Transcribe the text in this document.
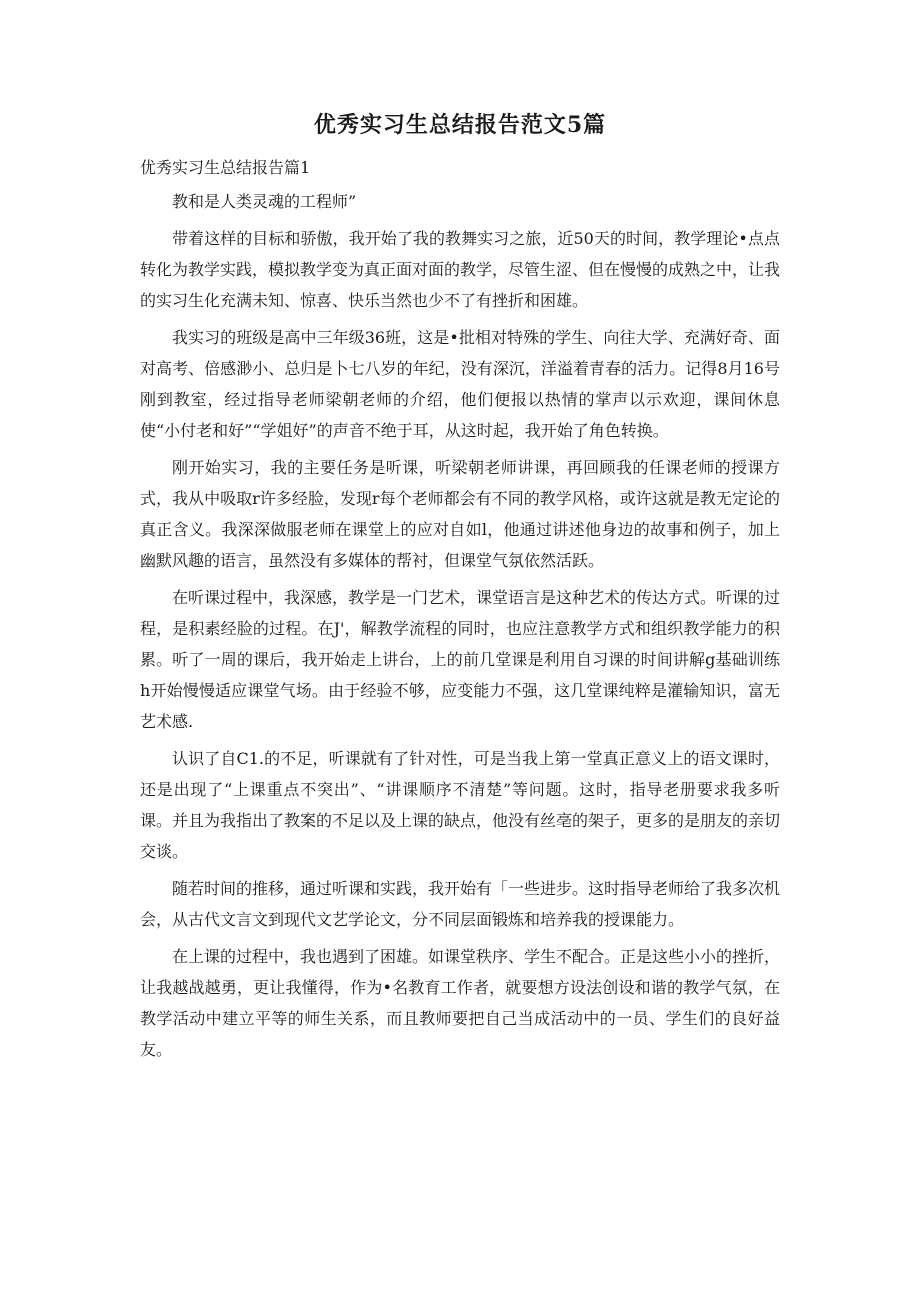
优秀实习生总结报告范文5篇
优秀实习生总结报告篇1

教和是人类灵魂的工程师”

带着这样的目标和骄傲，我开始了我的教舞实习之旅，近50天的时间，教学理论•点点转化为教学实践，模拟教学变为真正面对面的教学，尽管生涩、但在慢慢的成熟之中，让我的实习生化充满未知、惊喜、快乐当然也少不了有挫折和困雄。

我实习的班级是高中三年级36班，这是•批相对特殊的学生、向往大学、充满好奇、面对高考、倍感渺小、总归是卜七八岁的年纪，没有深沉，洋溢着青春的活力。记得8月16号刚到教室，经过指导老师梁朝老师的介绍，他们便报以热情的掌声以示欢迎，课间休息使“小付老和好”“学姐好”的声音不绝于耳，从这时起，我开始了角色转换。

刚开始实习，我的主要任务是听课，听梁朝老师讲课，再回顾我的任课老师的授课方式，我从中吸取r许多经脸，发现r每个老师都会有不同的教学风格，或许这就是教无定论的真正含义。我深深做服老师在课堂上的应对自如l，他通过讲述他身边的故事和例子，加上幽默风趣的语言，虽然没有多媒体的帮衬，但课堂气氛依然活跃。

在听课过程中，我深感，教学是一门艺术，课堂语言是这种艺术的传达方式。听课的过程，是积素经脸的过程。在J'，解教学流程的同时，也应注意教学方式和组织教学能力的积累。听了一周的课后，我开始走上讲台，上的前几堂课是利用自习课的时间讲解g基础训练h开始慢慢适应课堂气场。由于经验不够，应变能力不强，这几堂课纯粹是灌输知识，富无艺术感.

认识了自C1.的不足，听课就有了针对性，可是当我上第一堂真正意义上的语文课时，还是出现了“上课重点不突出”、“讲课顺序不清楚”等问题。这时，指导老册要求我多听课。并且为我指出了教案的不足以及上课的缺点，他没有丝亳的架子，更多的是朋友的亲切交谈。

随若时间的推移，通过听课和实践，我开始有「一些进步。这时指导老师给了我多次机会，从古代文言文到现代文艺学论文，分不同层面锻炼和培养我的授课能力。

在上课的过程中，我也遇到了困雄。如课堂秩序、学生不配合。正是这些小小的挫折，让我越战越勇，更让我懂得，作为•名教育工作者，就要想方设法创设和谐的教学气氛，在教学活动中建立平等的师生关系，而且教师要把自己当成活动中的一员、学生们的良好益友。
